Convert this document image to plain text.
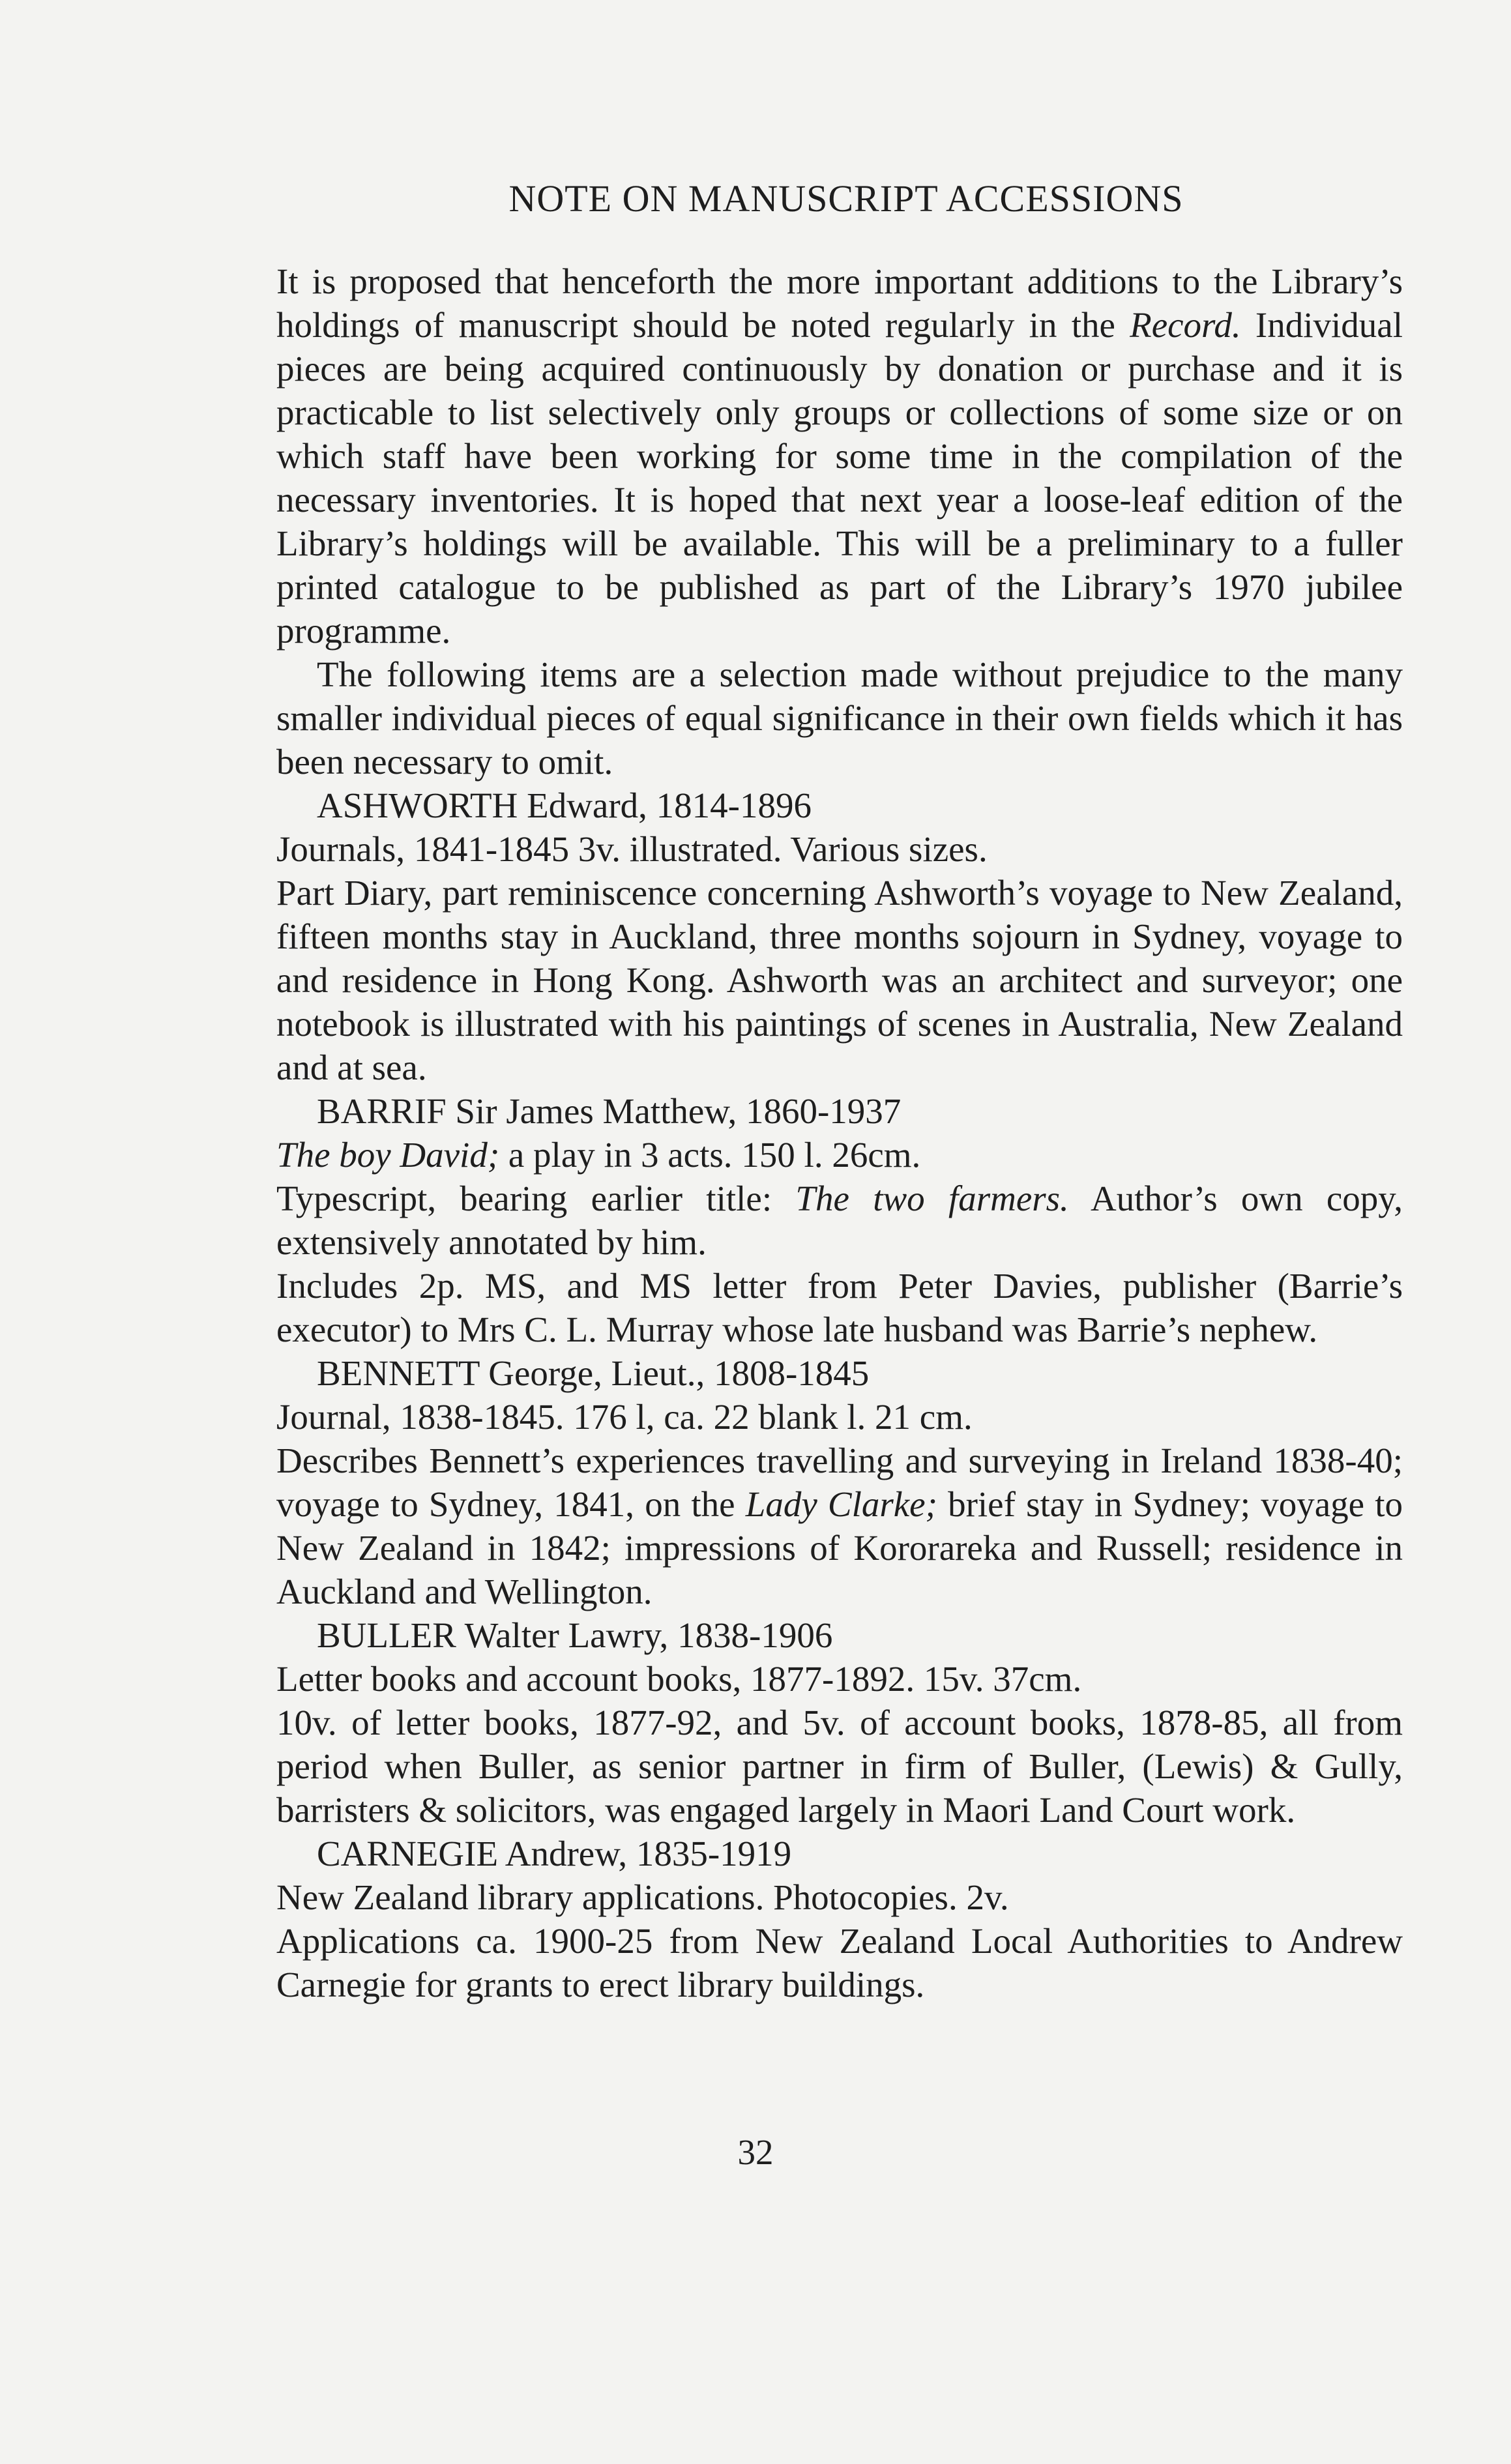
NOTE ON MANUSCRIPT ACCESSIONS

It is proposed that henceforth the more important additions to the Library’s holdings of manuscript should be noted regularly in the Record. Individual pieces are being acquired continuously by donation or purchase and it is practicable to list selectively only groups or collections of some size or on which staff have been working for some time in the compilation of the necessary inventories. It is hoped that next year a loose-leaf edition of the Library’s holdings will be available. This will be a preliminary to a fuller printed catalogue to be published as part of the Library’s 1970 jubilee programme.

The following items are a selection made without prejudice to the many smaller individual pieces of equal significance in their own fields which it has been necessary to omit.

ASHWORTH Edward, 1814-1896

Journals, 1841-1845 3v. illustrated. Various sizes.

Part Diary, part reminiscence concerning Ashworth’s voyage to New Zealand, fifteen months stay in Auckland, three months sojourn in Sydney, voyage to and residence in Hong Kong. Ashworth was an architect and surveyor; one notebook is illustrated with his paintings of scenes in Australia, New Zealand and at sea.

BARRIF Sir James Matthew, 1860-1937

The boy David; a play in 3 acts. 150 l. 26cm.

Typescript, bearing earlier title: The two farmers. Author’s own copy, extensively annotated by him.

Includes 2p. MS, and MS letter from Peter Davies, publisher (Barrie’s executor) to Mrs C. L. Murray whose late husband was Barrie’s nephew.

BENNETT George, Lieut., 1808-1845

Journal, 1838-1845. 176 l, ca. 22 blank l. 21 cm.

Describes Bennett’s experiences travelling and surveying in Ireland 1838-40; voyage to Sydney, 1841, on the Lady Clarke; brief stay in Sydney; voyage to New Zealand in 1842; impressions of Kororareka and Russell; residence in Auckland and Wellington.

BULLER Walter Lawry, 1838-1906

Letter books and account books, 1877-1892. 15v. 37cm.

10v. of letter books, 1877-92, and 5v. of account books, 1878-85, all from period when Buller, as senior partner in firm of Buller, (Lewis) & Gully, barristers & solicitors, was engaged largely in Maori Land Court work.

CARNEGIE Andrew, 1835-1919

New Zealand library applications. Photocopies. 2v.

Applications ca. 1900-25 from New Zealand Local Authorities to Andrew Carnegie for grants to erect library buildings.

32
